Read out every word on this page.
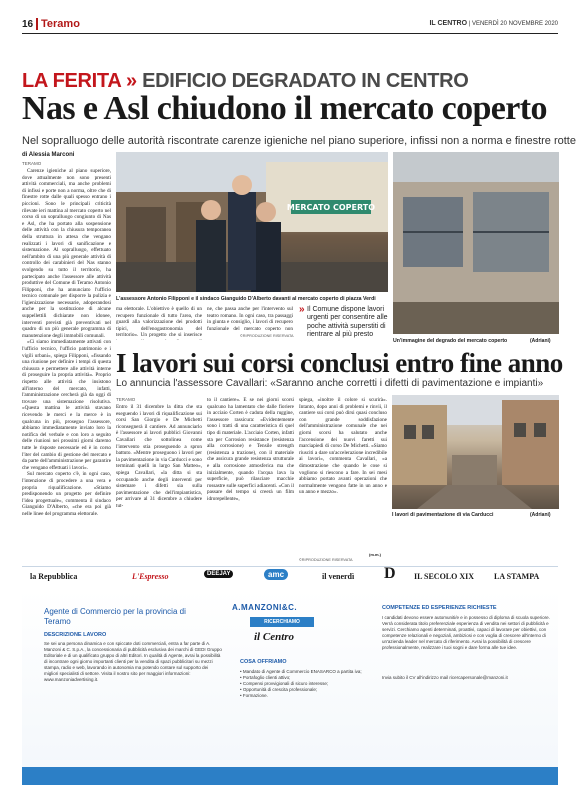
16 Teramo	IL CENTRO | VENERDÌ 20 NOVEMBRE 2020
LA FERITA » EDIFICIO DEGRADATO IN CENTRO
Nas e Asl chiudono il mercato coperto
Nel sopralluogo delle autorità riscontrate carenze igieniche nel piano superiore, infissi non a norma e finestre rotte
di Alessia Marconi
TERAMO

Carenze igieniche al piano superiore, dove attualmente non sono presenti attività commerciali, ma anche problemi di infissi e porte non a norma, oltre che di finestre rotte dalle quali spesso entrano i piccioni. Sono le principali criticità rilevate ieri mattina al mercato coperto nel corso di un sopralluogo congiunto di Nas e Asl, che ha portato alla sospensione delle attività con la chiusura temporanea della struttura in attesa che vengano realizzati i lavori di sanificazione e sistemazione. Al sopralluogo, effettuato nell'ambito di una più generale attività di controllo dei carabinieri del Nas stanno svolgendo su tutto il territorio, ha partecipato anche l'assessore alle attività produttive del Comune di Teramo Antonio Filipponi, che ha annunciato l'ufficio tecnico comunale per disporre la pulizia e l'igienizzazione necessarie, adoperandosi anche per la sostituzione di alcune suppellettili dichiarate non idonee, interventi previsti già preventivati nel quadro di un più generale programma di manutenzione degli immobili comunali.

«Ci siamo immediatamente attivati con l'ufficio tecnico, l'ufficio patrimonio e i vigili urbani», spiega Filipponi, «fissando una riunione per definire i tempi di questa chiusura e permettere alle attività interne di proseguire la propria attività». Proprio rispetto alle attività che insistono all'interno del mercato, infatti, l'amministrazione cercherà già da oggi di trovare una sistemazione risolutiva. «Questa mattina le attività stavano ricevendo le merci e la merce è in qualcuna in più, proseguo l'assessore, abbiamo immediatamente inviato loro la notifica del verbale e con loro a seguito delle riunioni nei prossimi giorni daremo tutte le risposte necessarie ed è in corso l'iter del cambio di gestione del mercato e da parte dell'amministrazione per garantire che vengano effettuati i lavori».

Sul mercato coperto c'è, in ogni caso, l'intenzione di procedere a una vera e propria riqualificazione. «Stiamo predisponendo un progetto per definire l'idea progettuale», commenta il sindaco Gianguido D'Alberto, «che era poi già nelle linee del programma elettorale.

MERCATO COPERTO
L'assessore Antonio Filipponi e il sindaco Gianguido D'Alberto davanti al mercato coperto di piazza Verdi
Un'immagine del degrado del mercato coperto	(Adriani)

ma elettorale. L'obiettivo è quello di un recupero funzionale di tutto l'area, che guardi alla valorizzazione dei prodotti tipici, dell'enogastronomia del territorio». Un progetto che si inserisce

ne, che passa anche per l'intervento sul teatro romano. In ogni caso, tra passaggi in giunta e consiglio, i lavori di recupero funzionale del mercato coperto non

©RIPRODUZIONE RISERVATA
» Il Comune dispone lavori urgenti per consentire alle poche attività superstiti di rientrare al più presto
I lavori sui corsi conclusi entro fine anno
Lo annuncia l'assessore Cavallari: «Saranno anche corretti i difetti di pavimentazione e impianti»
TERAMO

Entro il 31 dicembre la ditta che sta eseguendo i lavori di riqualificazione sui corsi San Giorgio e De Michetti riconsegnerà il cantiere. Ad annunciarlo è l'assessore ai lavori pubblici Giovanni Cavallari che sottolinea come l'intervento stia proseguendo a spron battuto. «Mentre proseguono i lavori per la pavimentazione in via Carducci e sono terminati quelli in largo San Matteo», spiega Cavallari, «la ditta si sta occupando anche degli interventi per sistemare i difetti sia sulla pavimentazione che dell'impiantistica, per arrivare al 31 dicembre a chiudere tut-

to il cantiere». E se nei giorni scorsi qualcuno ha lamentato che dalle fioriere in acciaio Corten è caduta della ruggine, l'assessore rassicura: «Evidentemente sono i tratti di una caratteristica di quel tipo di materiale. L'acciaio Corten, infatti sta per Corrosion resistance (resistenza alla corrosione) e Tensile strength (resistenza a trazione), con il materiale che assicura grande resistenza strutturale e alla corrosione atmosferica ma che inizialmente, quando l'acqua lava la superficie, può rilasciare macchie rossastre sulle superfici adiacenti. «Con il passare del tempo si creerà un film idrorepellente»,

spiega, «inoltre il colore si scurirà». Intanto, dopo anni di problemi e rinvii, il cantiere sui corsi può dirsi quasi concluso con grande soddisfazione dell'amministrazione comunale che nei giorni scorsi ha salutato anche l'accensione dei nuovi faretti sui marciapiedi di corso De Michetti. «Siamo riusciti a dare un'accelerazione incredibile ai lavori», commenta Cavallari, «a dimostrazione che quando le cose si vogliono si riescono a fare. In sei mesi abbiamo portato avanti operazioni che normalmente vengono fatte in un anno e un anno e mezzo».

(m.m.)
©RIPRODUZIONE RISERVATA
I lavori di pavimentazione di via Carducci	(Adriani)
la Repubblica	L'Espresso	DEEJAY	amc	il venerdì D IL SECOLO XIX LA STAMPA
Agente di Commercio per la provincia di Teramo
DESCRIZIONE LAVORO
Se sei una persona dinamica e con spiccate doti commerciali, entra a far parte di A. Manzoni & C. S.p.A., la concessionaria di pubblicità esclusiva dei marchi di GEDI Gruppo Editoriale e di un qualificato gruppo di altri Editori. In qualità di Agente, avrai la possibilità di incontrare ogni giorno importanti clienti per la vendita di spazi pubblicitari su mezzi stampa, radio e web, lavorando in autonomia ma potendo contare sul supporto dei migliori specialisti di settore. Visita il nostro sito per maggiori informazioni: www.manzoniadvertising.it.
A.MANZONI&C.
RICERCHIAMO
il Centro
COSA OFFRIAMO
• Mandato di Agente di Commercio ENASARCO a partita iva;
• Portafoglio clienti attivo;
• Compensi provvigionali di sicuro interesse;
• Opportunità di crescita professionale;
• Formazione.
COMPETENZE ED ESPERIENZE RICHIESTE
I candidati devono essere automuniti/e e in possesso di diploma di scuola superiore. Verrà considerata titolo preferenziale esperienza di vendita nei settori di pubblicità e servizi. Cerchiamo agenti determinati, proattivi, capaci di lavorare per obiettivi, con competenze relazionali e negoziali, ambiziosi e con voglia di crescere all'interno di un'azienda leader nel mercato di riferimento. Avrai la possibilità di crescere professionalmente, realizzare i tuoi sogni e dare forma alle tue idee.
Invia subito il CV all'indirizzo mail ricercapersonale@manzoni.it
